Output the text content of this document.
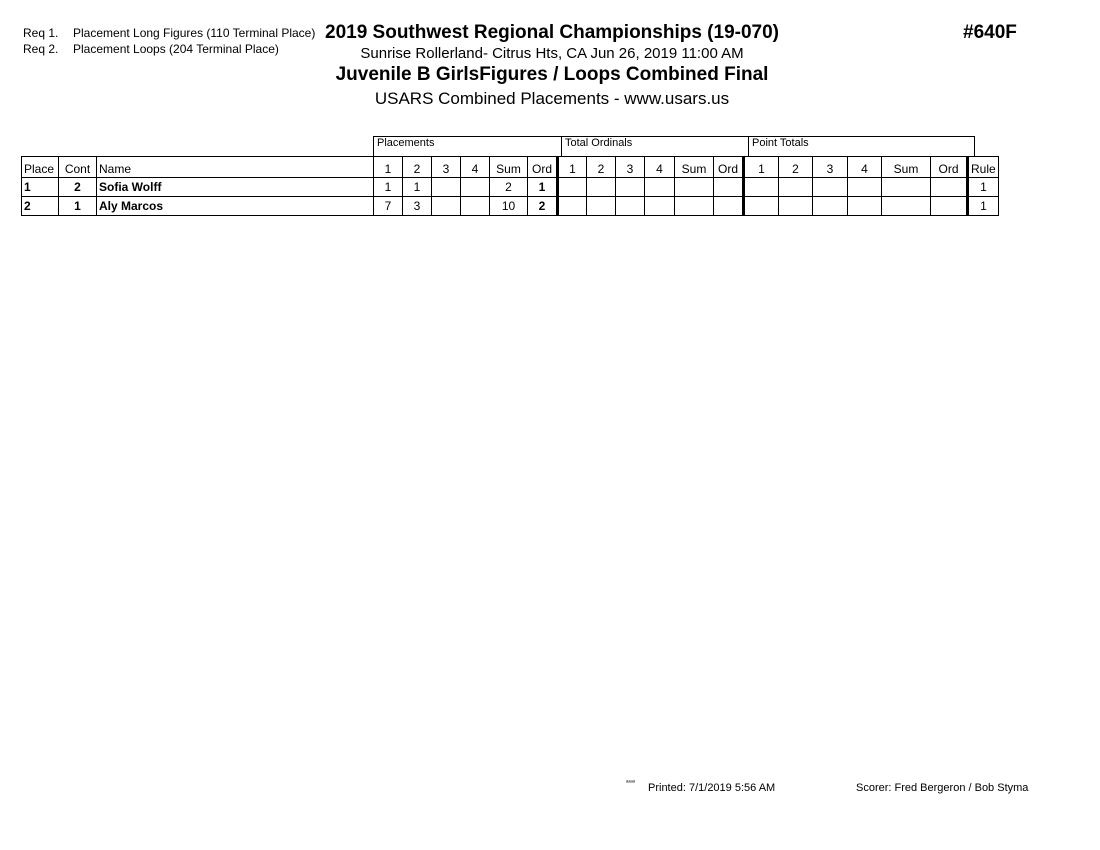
Req 1. Placement Long Figures (110 Terminal Place)
Req 2. Placement Loops (204 Terminal Place)
2019 Southwest Regional Championships (19-070)
Sunrise Rollerland- Citrus Hts, CA Jun 26, 2019 11:00 AM
Juvenile B GirlsFigures / Loops Combined Final
USARS Combined Placements - www.usars.us
#640F
Placements	Total Ordinals	Point Totals
Place	Cont	Name	1	2	3	4	Sum	Ord	1	2	3	4	Sum	Ord	1	2	3	4	Sum	Ord	Rule
1	2	Sofia Wolff	1	1			2	1													1
2	1	Aly Marcos	7	3			10	2													1
ᵃᵃᵃᵃ Printed: 7/1/2019 5:56 AM	Scorer: Fred Bergeron / Bob Styma
